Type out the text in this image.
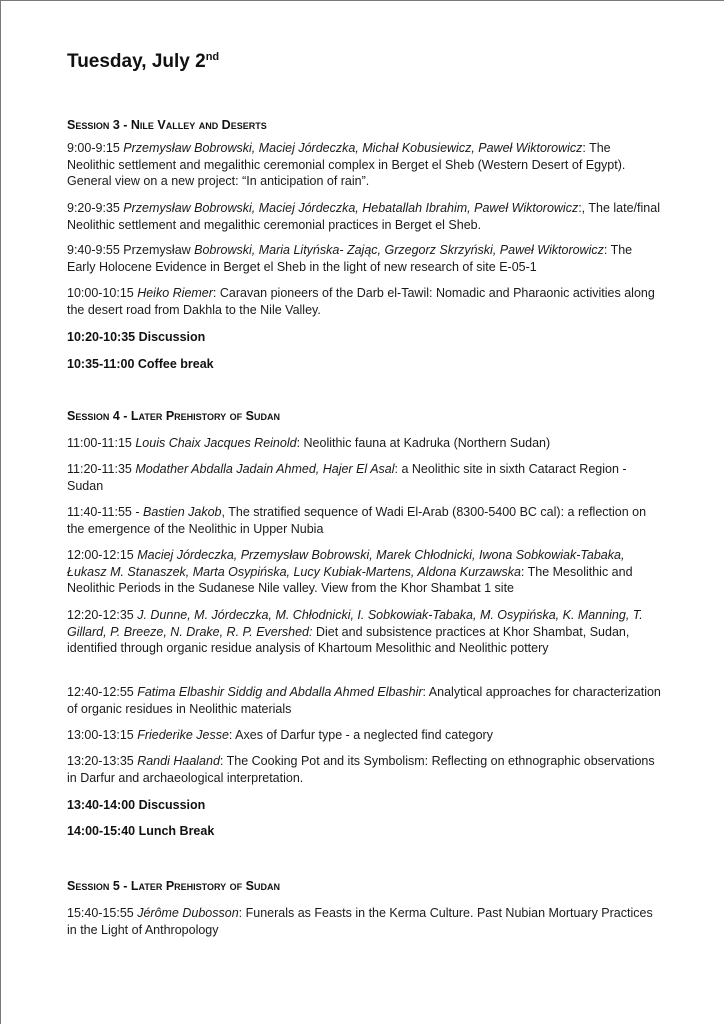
Tuesday, July 2nd
Session 3 - Nile Valley and Deserts

9:00-9:15 Przemysław Bobrowski, Maciej Jórdeczka, Michał Kobusiewicz, Paweł Wiktorowicz: The Neolithic settlement and megalithic ceremonial complex in Berget el Sheb (Western Desert of Egypt). General view on a new project: “In anticipation of rain”.

9:20-9:35 Przemysław Bobrowski, Maciej Jórdeczka, Hebatallah Ibrahim, Paweł Wiktorowicz:, The late/final Neolithic settlement and megalithic ceremonial practices in Berget el Sheb.

9:40-9:55 Przemysław Bobrowski, Maria Lityńska- Zając, Grzegorz Skrzyński, Paweł Wiktorowicz: The Early Holocene Evidence in Berget el Sheb in the light of new research of site E-05-1

10:00-10:15 Heiko Riemer: Caravan pioneers of the Darb el-Tawil: Nomadic and Pharaonic activities along the desert road from Dakhla to the Nile Valley.

10:20-10:35 Discussion

10:35-11:00 Coffee break

Session 4 - Later Prehistory of Sudan

11:00-11:15 Louis Chaix Jacques Reinold: Neolithic fauna at Kadruka (Northern Sudan)

11:20-11:35 Modather Abdalla Jadain Ahmed, Hajer El Asal: a Neolithic site in sixth Cataract Region -Sudan

11:40-11:55 - Bastien Jakob, The stratified sequence of Wadi El-Arab (8300-5400 BC cal): a reflection on the emergence of the Neolithic in Upper Nubia

12:00-12:15 Maciej Jórdeczka, Przemysław Bobrowski, Marek Chłodnicki, Iwona Sobkowiak-Tabaka, Łukasz M. Stanaszek, Marta Osypińska, Lucy Kubiak-Martens, Aldona Kurzawska: The Mesolithic and Neolithic Periods in the Sudanese Nile valley. View from the Khor Shambat 1 site

12:20-12:35 J. Dunne, M. Jórdeczka, M. Chłodnicki, I. Sobkowiak-Tabaka, M. Osypińska, K. Manning, T. Gillard, P. Breeze, N. Drake, R. P. Evershed: Diet and subsistence practices at Khor Shambat, Sudan, identified through organic residue analysis of Khartoum Mesolithic and Neolithic pottery

12:40-12:55 Fatima Elbashir Siddig and Abdalla Ahmed Elbashir: Analytical approaches for characterization of organic residues in Neolithic materials

13:00-13:15 Friederike Jesse: Axes of Darfur type - a neglected find category

13:20-13:35 Randi Haaland: The Cooking Pot and its Symbolism: Reflecting on ethnographic observations in Darfur and archaeological interpretation.

13:40-14:00 Discussion

14:00-15:40 Lunch Break

Session 5 - Later Prehistory of Sudan

15:40-15:55 Jérôme Dubosson: Funerals as Feasts in the Kerma Culture. Past Nubian Mortuary Practices in the Light of Anthropology
